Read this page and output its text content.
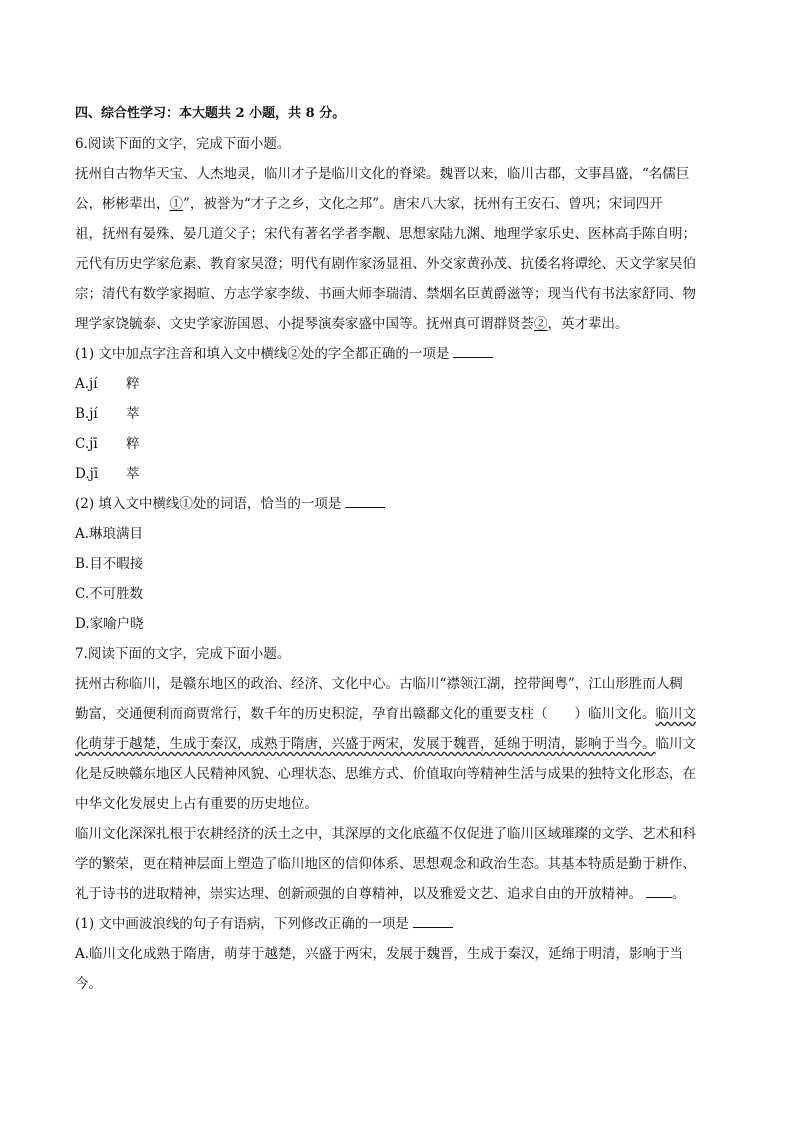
四、综合性学习：本大题共 2 小题，共 8 分。
6.阅读下面的文字，完成下面小题。
抚州自古物华天宝、人杰地灵，临川才子是临川文化的脊梁。魏晋以来，临川古郡，文事昌盛，“名儒巨
公，彬彬辈出，①”，被誉为“才子之乡，文化之邦”。唐宋八大家，抚州有王安石、曾巩；宋词四开
祖，抚州有晏殊、晏几道父子；宋代有著名学者李觏、思想家陆九渊、地理学家乐史、医林高手陈自明；
元代有历史学家危素、教育家吴澄；明代有剧作家汤显祖、外交家黄孙茂、抗倭名将谭纶、天文学家吴伯
宗；清代有数学家揭暄、方志学家李绂、书画大师李瑞清、禁烟名臣黄爵滋等；现当代有书法家舒同、物
理学家饶毓泰、文史学家游国恩、小提琴演奏家盛中国等。抚州真可谓群贤荟②，英才辈出。
(1) 文中加点字注音和填入文中横线②处的字全都正确的一项是
A.jí	粹
B.jí	萃
C.jī	粹
D.jī	萃
(2) 填入文中横线①处的词语，恰当的一项是
A.琳琅满目
B.目不暇接
C.不可胜数
D.家喻户晓
7.阅读下面的文字，完成下面小题。
抚州古称临川，是赣东地区的政治、经济、文化中心。古临川“襟领江湖，控带闽粤”，江山形胜而人稠
勤富，交通便利而商贾常行，数千年的历史积淀，孕育出赣鄱文化的重要支柱（　　）临川文化。临川文
化萌芽于越楚，生成于秦汉，成熟于隋唐，兴盛于两宋，发展于魏晋，延绵于明清，影响于当今。临川文
化是反映赣东地区人民精神风貌、心理状态、思维方式、价值取向等精神生活与成果的独特文化形态，在
中华文化发展史上占有重要的历史地位。
临川文化深深扎根于农耕经济的沃土之中，其深厚的文化底蕴不仅促进了临川区域璀璨的文学、艺术和科
学的繁荣，更在精神层面上塑造了临川地区的信仰体系、思想观念和政治生态。其基本特质是勤于耕作、
礼于诗书的进取精神，崇实达理、创新顽强的自尊精神，以及雅爱文艺、追求自由的开放精神。 。
(1) 文中画波浪线的句子有语病，下列修改正确的一项是
A.临川文化成熟于隋唐，萌芽于越楚，兴盛于两宋，发展于魏晋，生成于秦汉，延绵于明清，影响于当
今。
